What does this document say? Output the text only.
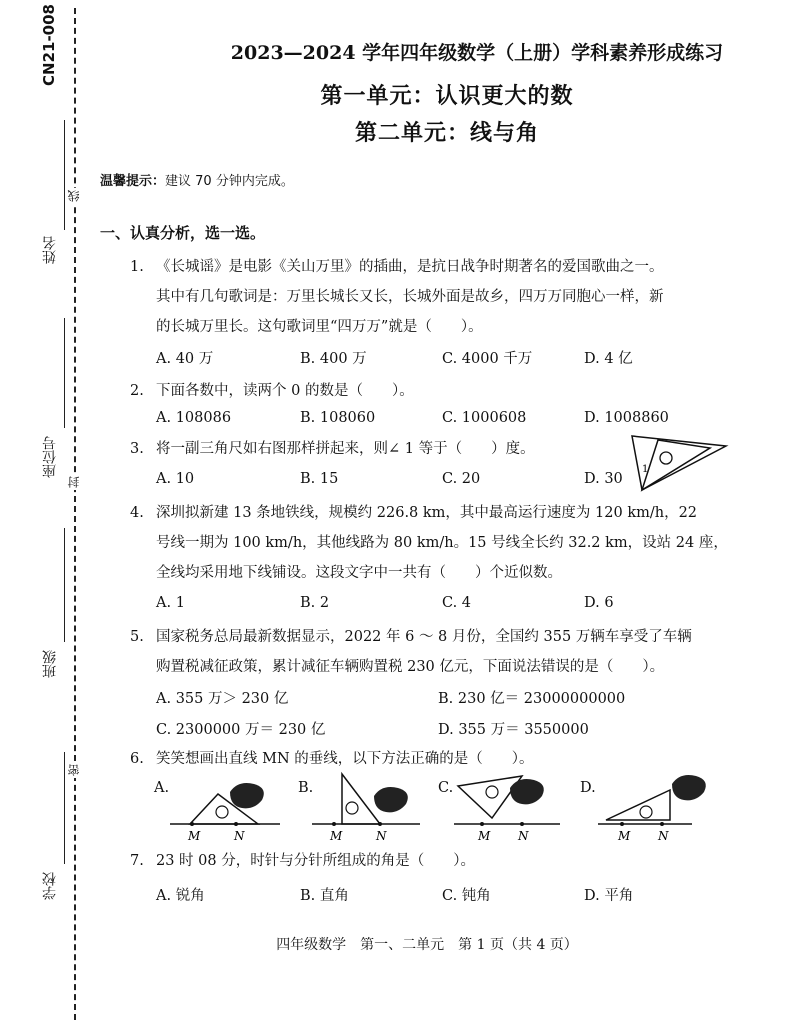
CN21-008
姓名
座位号
班级
学校
线
封
密
2023—2024 学年四年级数学（上册）学科素养形成练习
第一单元：认识更大的数
第二单元：线与角
温馨提示：建议 70 分钟内完成。
一、认真分析，选一选。
1. 《长城谣》是电影《关山万里》的插曲，是抗日战争时期著名的爱国歌曲之一。
其中有几句歌词是：万里长城长又长，长城外面是故乡，四万万同胞心一样，新
的长城万里长。这句歌词里“四万万”就是（　　）。
A. 40 万	B. 400 万	C. 4000 千万	D. 4 亿
2. 下面各数中，读两个 0 的数是（　　）。
A. 108086	B. 108060	C. 1000608	D. 1008860
3. 将一副三角尺如右图那样拼起来，则∠ 1 等于（　　）度。
A. 10	B. 15	C. 20	D. 30
1
4. 深圳拟新建 13 条地铁线，规模约 226.8 km，其中最高运行速度为 120 km/h，22
号线一期为 100 km/h，其他线路为 80 km/h。15 号线全长约 32.2 km，设站 24 座，
全线均采用地下线铺设。这段文字中一共有（　　）个近似数。
A. 1	B. 2	C. 4	D. 6
5. 国家税务总局最新数据显示，2022 年 6 ～ 8 月份，全国约 355 万辆车享受了车辆
购置税减征政策，累计减征车辆购置税 230 亿元，下面说法错误的是（　　）。
A. 355 万＞ 230 亿	B. 230 亿＝ 23000000000
C. 2300000 万＝ 230 亿	D. 355 万＝ 3550000
6. 笑笑想画出直线 MN 的垂线，以下方法正确的是（　　）。
A.
M	N
B.
M	N
C.
M N
D.
M N
7. 23 时 08 分，时针与分针所组成的角是（　　）。
A. 锐角	B. 直角	C. 钝角	D. 平角
四年级数学　第一、二单元　第 1 页（共 4 页）
